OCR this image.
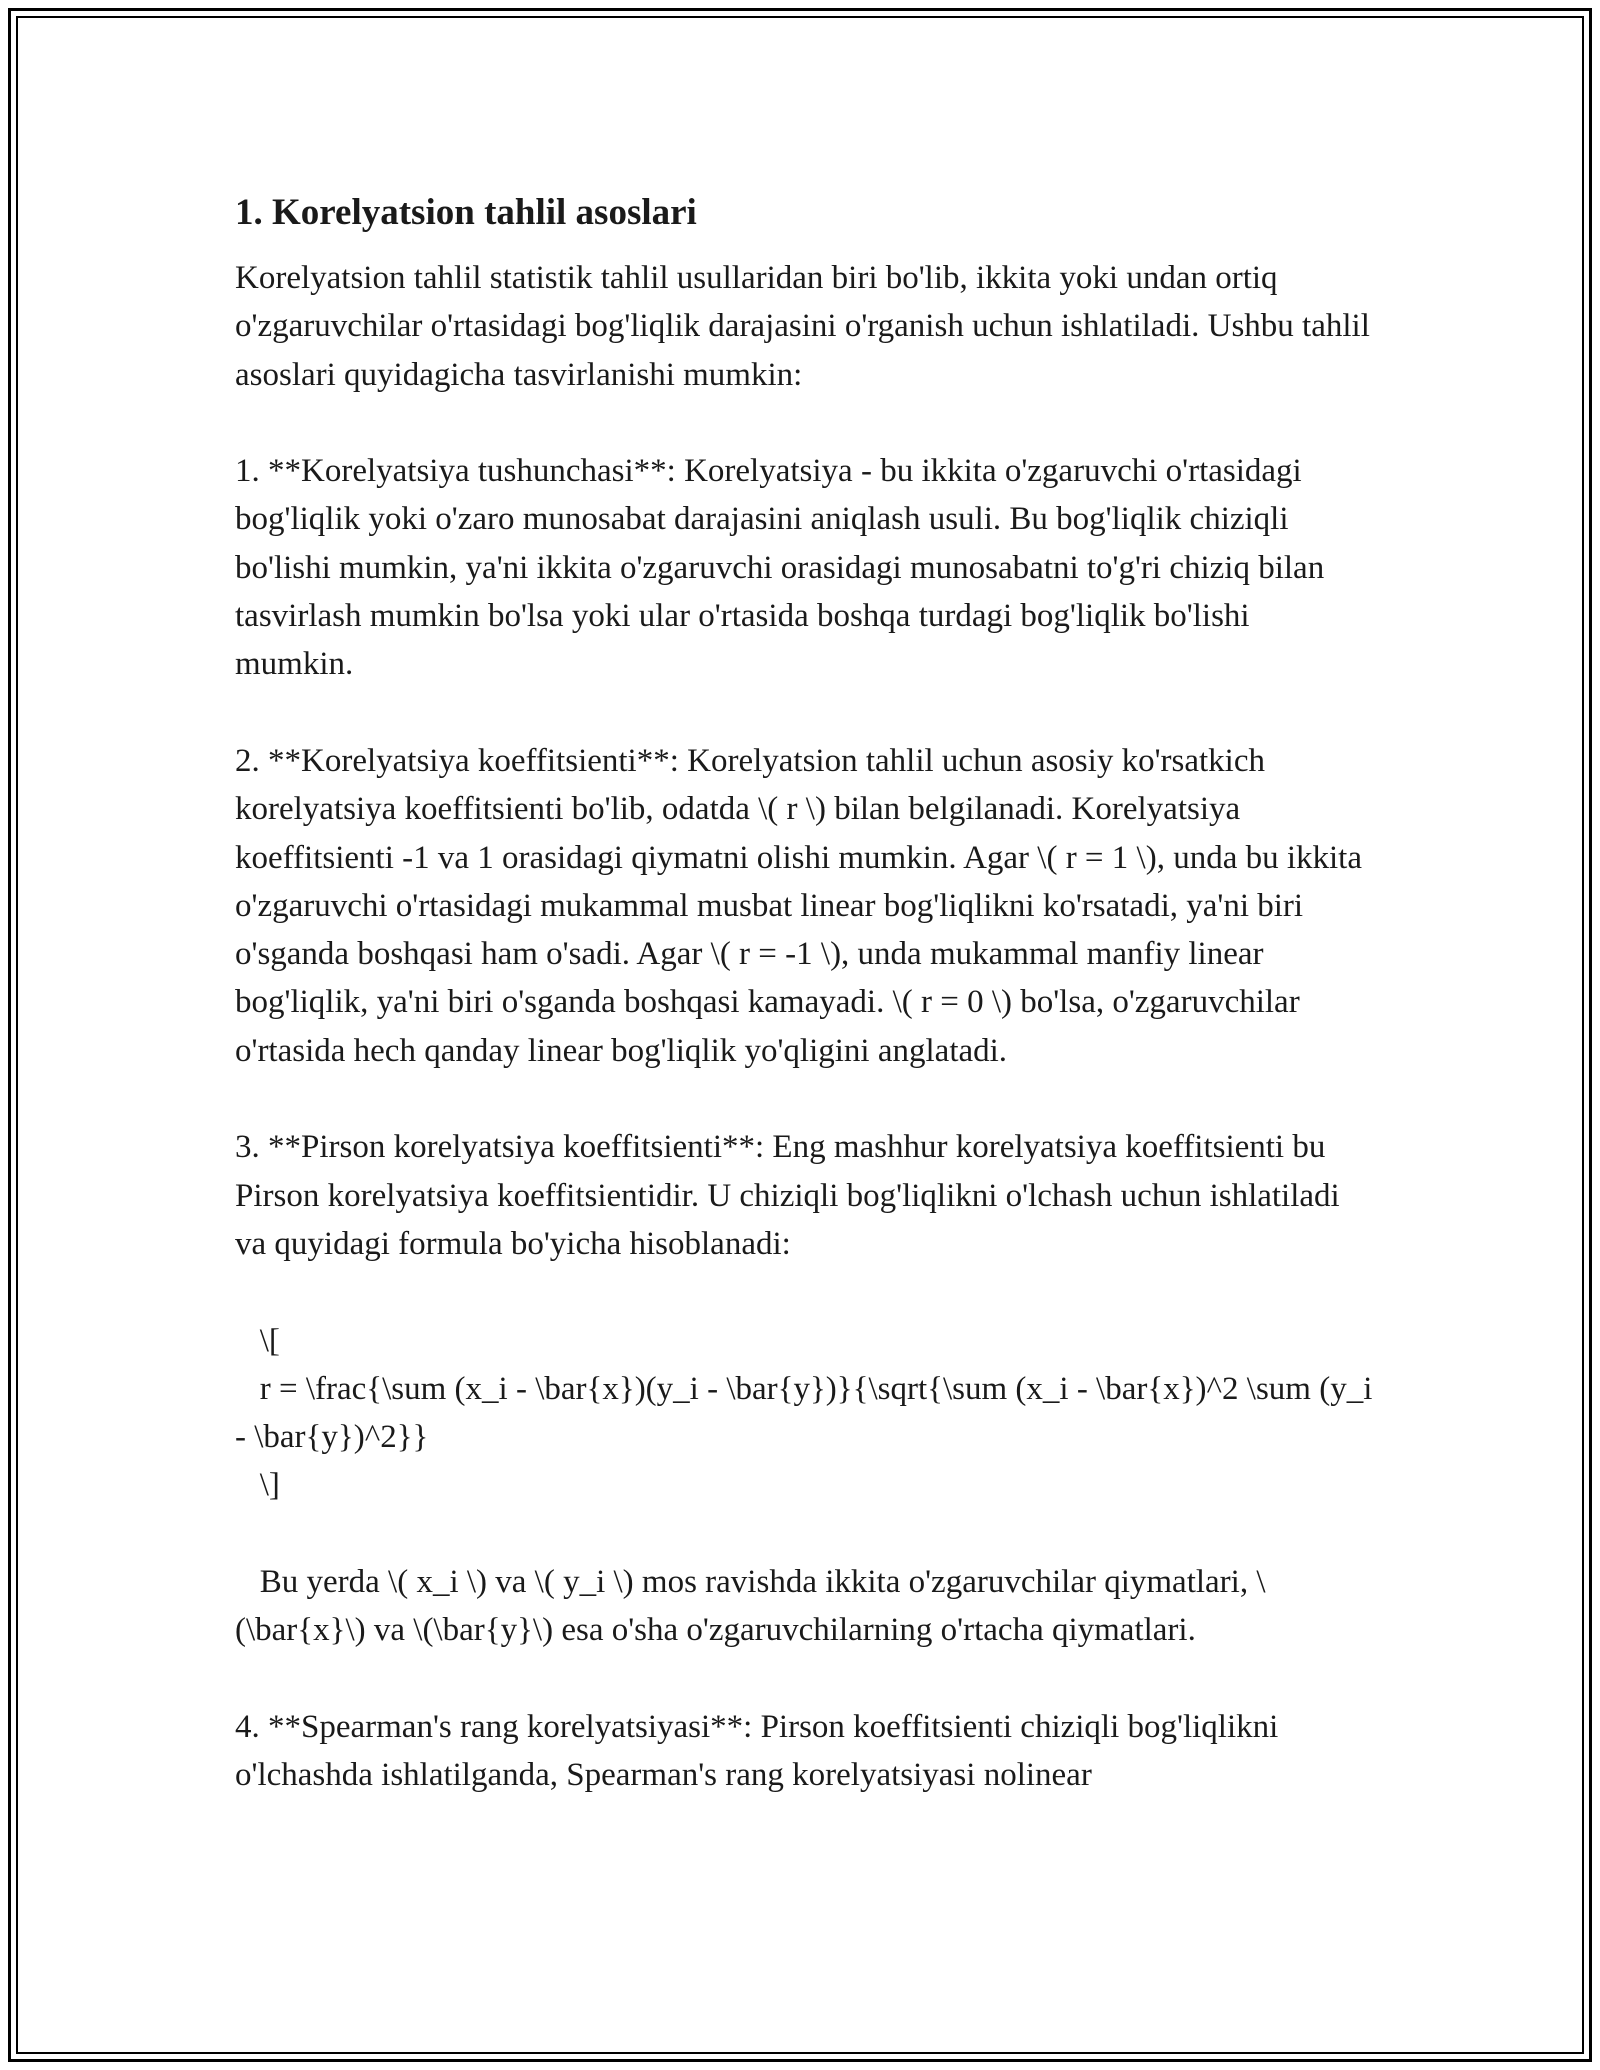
1. Korelyatsion tahlil asoslari
Korelyatsion tahlil statistik tahlil usullaridan biri bo'lib, ikkita yoki undan ortiq o'zgaruvchilar o'rtasidagi bog'liqlik darajasini o'rganish uchun ishlatiladi. Ushbu tahlil asoslari quyidagicha tasvirlanishi mumkin:
1. **Korelyatsiya tushunchasi**: Korelyatsiya - bu ikkita o'zgaruvchi o'rtasidagi bog'liqlik yoki o'zaro munosabat darajasini aniqlash usuli. Bu bog'liqlik chiziqli bo'lishi mumkin, ya'ni ikkita o'zgaruvchi orasidagi munosabatni to'g'ri chiziq bilan tasvirlash mumkin bo'lsa yoki ular o'rtasida boshqa turdagi bog'liqlik bo'lishi mumkin.
2. **Korelyatsiya koeffitsienti**: Korelyatsion tahlil uchun asosiy ko'rsatkich korelyatsiya koeffitsienti bo'lib, odatda \( r \) bilan belgilanadi. Korelyatsiya koeffitsienti -1 va 1 orasidagi qiymatni olishi mumkin. Agar \( r = 1 \), unda bu ikkita o'zgaruvchi o'rtasidagi mukammal musbat linear bog'liqlikni ko'rsatadi, ya'ni biri o'sganda boshqasi ham o'sadi. Agar \( r = -1 \), unda mukammal manfiy linear bog'liqlik, ya'ni biri o'sganda boshqasi kamayadi. \( r = 0 \) bo'lsa, o'zgaruvchilar o'rtasida hech qanday linear bog'liqlik yo'qligini anglatadi.
3. **Pirson korelyatsiya koeffitsienti**: Eng mashhur korelyatsiya koeffitsienti bu Pirson korelyatsiya koeffitsientidir. U chiziqli bog'liqlikni o'lchash uchun ishlatiladi va quyidagi formula bo'yicha hisoblanadi:
\[
r = \frac{\sum (x_i - \bar{x})(y_i - \bar{y})}{\sqrt{\sum (x_i - \bar{x})^2 \sum (y_i - \bar{y})^2}}
\]
Bu yerda \( x_i \) va \( y_i \) mos ravishda ikkita o'zgaruvchilar qiymatlari, \(\bar{x}\) va \(\bar{y}\) esa o'sha o'zgaruvchilarning o'rtacha qiymatlari.
4. **Spearman's rang korelyatsiyasi**: Pirson koeffitsienti chiziqli bog'liqlikni o'lchashda ishlatilganda, Spearman's rang korelyatsiyasi nolinear
